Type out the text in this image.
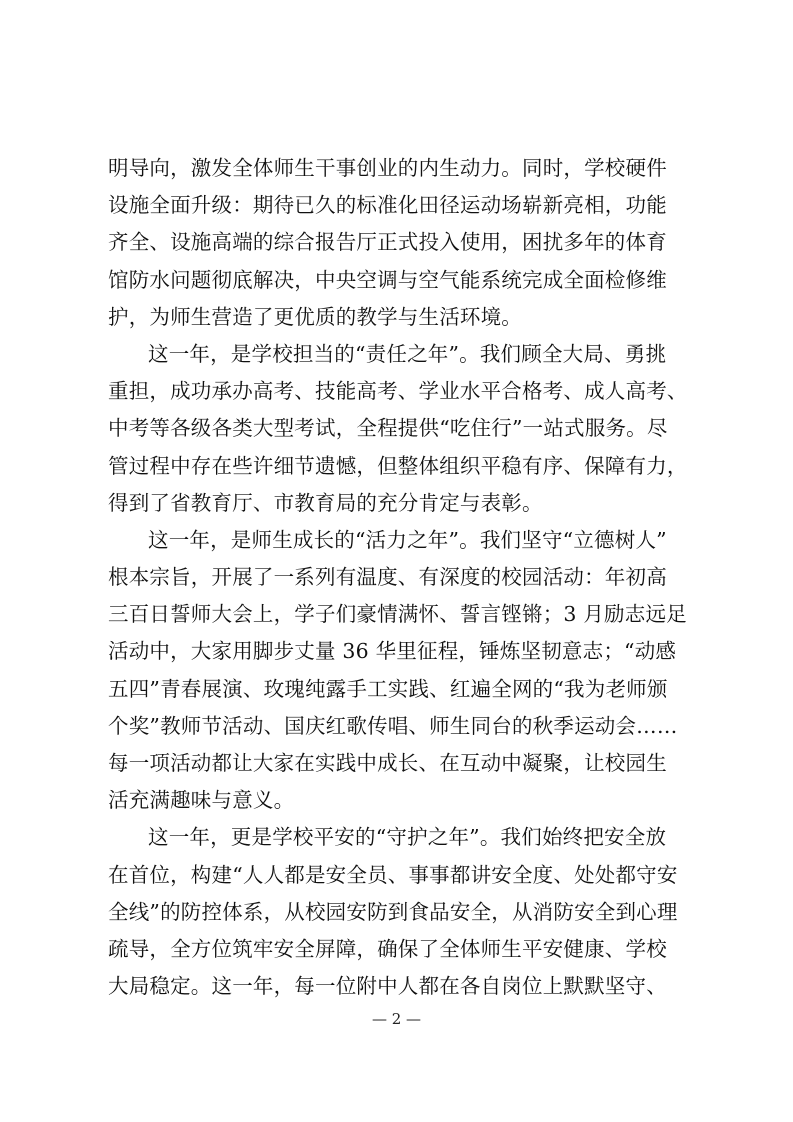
明导向，激发全体师生干事创业的内生动力。同时，学校硬件
设施全面升级：期待已久的标准化田径运动场崭新亮相，功能
齐全、设施高端的综合报告厅正式投入使用，困扰多年的体育
馆防水问题彻底解决，中央空调与空气能系统完成全面检修维
护，为师生营造了更优质的教学与生活环境。
这一年，是学校担当的“责任之年”。我们顾全大局、勇挑
重担，成功承办高考、技能高考、学业水平合格考、成人高考、
中考等各级各类大型考试，全程提供“吃住行”一站式服务。尽
管过程中存在些许细节遗憾，但整体组织平稳有序、保障有力，
得到了省教育厅、市教育局的充分肯定与表彰。
这一年，是师生成长的“活力之年”。我们坚守“立德树人”
根本宗旨，开展了一系列有温度、有深度的校园活动：年初高
三百日誓师大会上，学子们豪情满怀、誓言铿锵；3 月励志远足
活动中，大家用脚步丈量 36 华里征程，锤炼坚韧意志；“动感
五四”青春展演、玫瑰纯露手工实践、红遍全网的“我为老师颁
个奖”教师节活动、国庆红歌传唱、师生同台的秋季运动会……
每一项活动都让大家在实践中成长、在互动中凝聚，让校园生
活充满趣味与意义。
这一年，更是学校平安的“守护之年”。我们始终把安全放
在首位，构建“人人都是安全员、事事都讲安全度、处处都守安
全线”的防控体系，从校园安防到食品安全，从消防安全到心理
疏导，全方位筑牢安全屏障，确保了全体师生平安健康、学校
大局稳定。这一年，每一位附中人都在各自岗位上默默坚守、
— 2 —
